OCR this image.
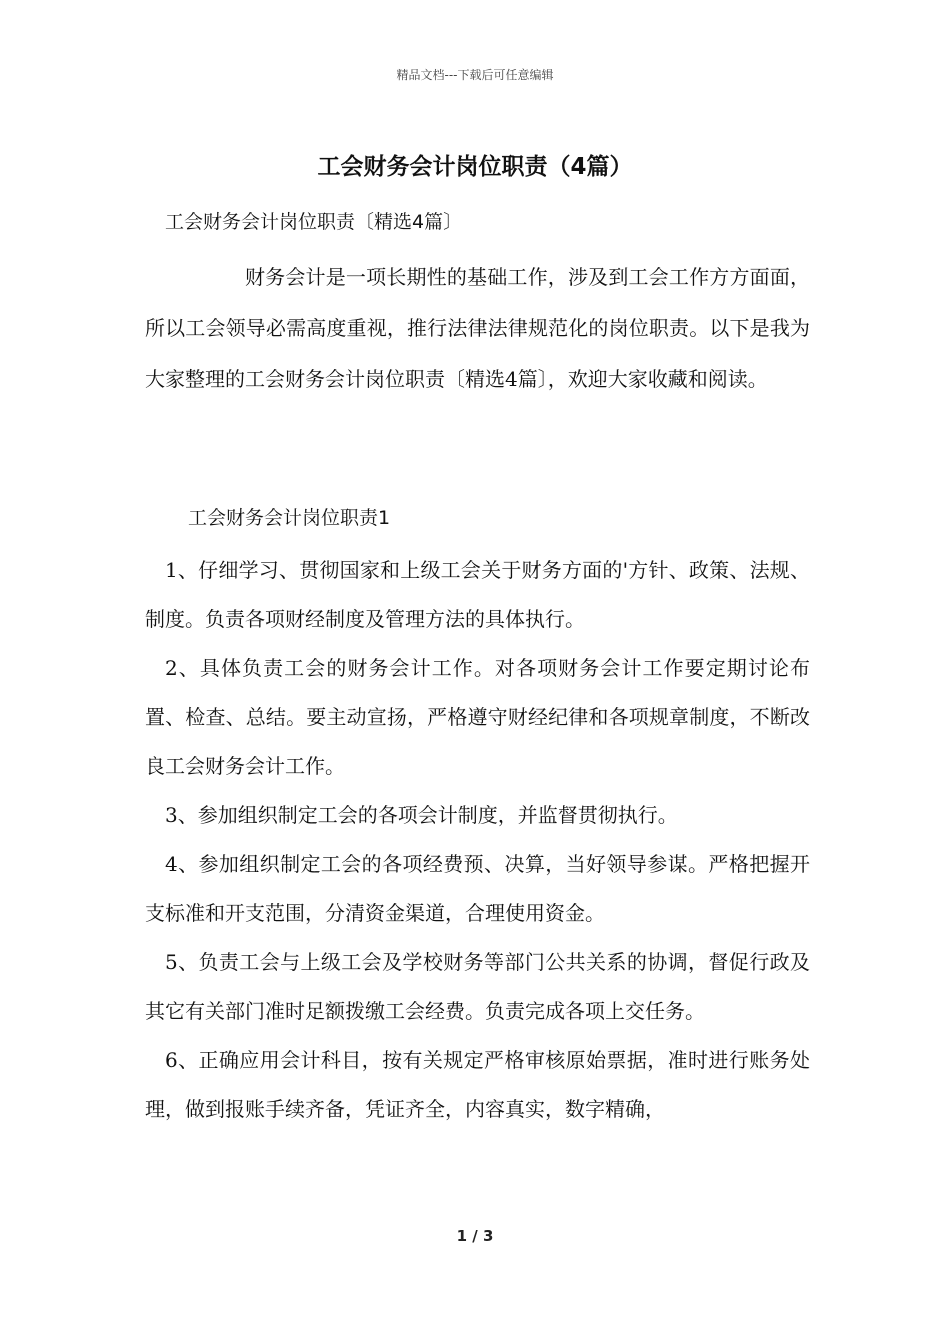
精品文档---下载后可任意编辑
工会财务会计岗位职责（4篇）
工会财务会计岗位职责〔精选4篇〕

财务会计是一项长期性的基础工作，涉及到工会工作方方面面，所以工会领导必需高度重视，推行法律法律规范化的岗位职责。以下是我为大家整理的工会财务会计岗位职责〔精选4篇〕，欢迎大家收藏和阅读。

工会财务会计岗位职责1

1、仔细学习、贯彻国家和上级工会关于财务方面的'方针、政策、法规、制度。负责各项财经制度及管理方法的具体执行。

2、具体负责工会的财务会计工作。对各项财务会计工作要定期讨论布置、检查、总结。要主动宣扬，严格遵守财经纪律和各项规章制度，不断改良工会财务会计工作。

3、参加组织制定工会的各项会计制度，并监督贯彻执行。

4、参加组织制定工会的各项经费预、决算，当好领导参谋。严格把握开支标准和开支范围，分清资金渠道，合理使用资金。

5、负责工会与上级工会及学校财务等部门公共关系的协调，督促行政及其它有关部门准时足额拨缴工会经费。负责完成各项上交任务。

6、正确应用会计科目，按有关规定严格审核原始票据，准时进行账务处理，做到报账手续齐备，凭证齐全，内容真实，数字精确，

1 / 3
